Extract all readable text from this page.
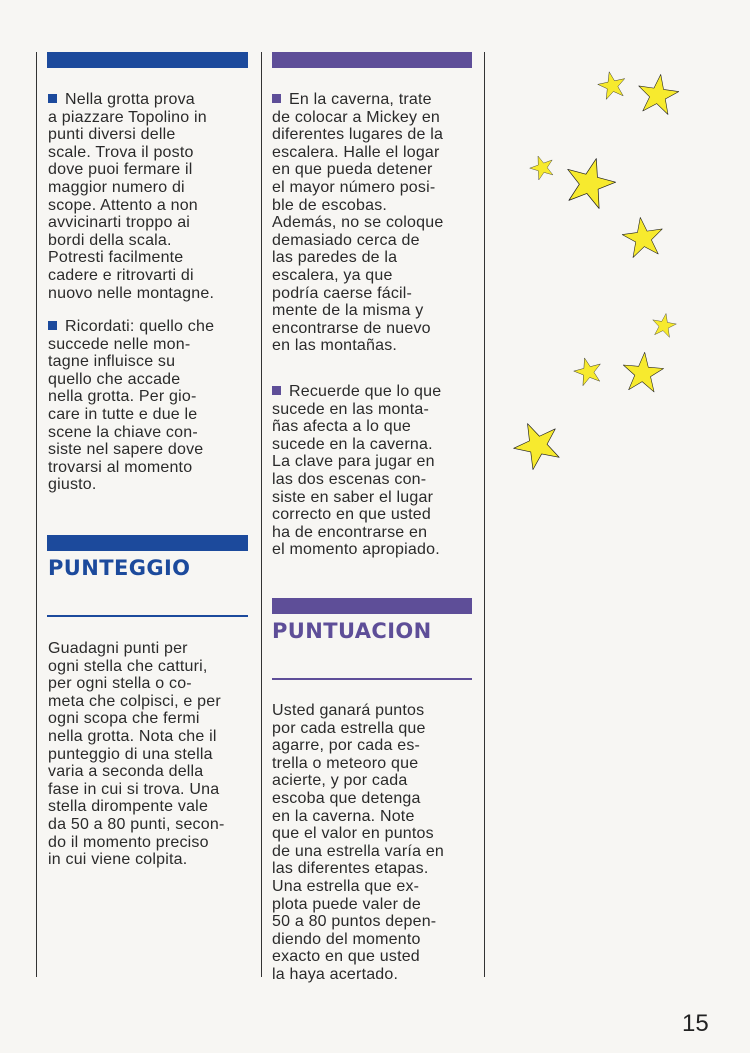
Nella grotta prova
a piazzare Topolino in
punti diversi delle
scale. Trova il posto
dove puoi fermare il
maggior numero di
scope. Attento a non
avvicinarti troppo ai
bordi della scala.
Potresti facilmente
cadere e ritrovarti di
nuovo nelle montagne.

Ricordati: quello che
succede nelle mon-
tagne influisce su
quello che accade
nella grotta. Per gio-
care in tutte e due le
scene la chiave con-
siste nel sapere dove
trovarsi al momento
giusto.

PUNTEGGIO

Guadagni punti per
ogni stella che catturi,
per ogni stella o co-
meta che colpisci, e per
ogni scopa che fermi
nella grotta. Nota che il
punteggio di una stella
varia a seconda della
fase in cui si trova. Una
stella dirompente vale
da 50 a 80 punti, secon-
do il momento preciso
in cui viene colpita.

En la caverna, trate
de colocar a Mickey en
diferentes lugares de la
escalera. Halle el logar
en que pueda detener
el mayor número posi-
ble de escobas.
Además, no se coloque
demasiado cerca de
las paredes de la
escalera, ya que
podría caerse fácil-
mente de la misma y
encontrarse de nuevo
en las montañas.

Recuerde que lo que
sucede en las monta-
ñas afecta a lo que
sucede en la caverna.
La clave para jugar en
las dos escenas con-
siste en saber el lugar
correcto en que usted
ha de encontrarse en
el momento apropiado.

PUNTUACION

Usted ganará puntos
por cada estrella que
agarre, por cada es-
trella o meteoro que
acierte, y por cada
escoba que detenga
en la caverna. Note
que el valor en puntos
de una estrella varía en
las diferentes etapas.
Una estrella que ex-
plota puede valer de
50 a 80 puntos depen-
diendo del momento
exacto en que usted
la haya acertado.

15
